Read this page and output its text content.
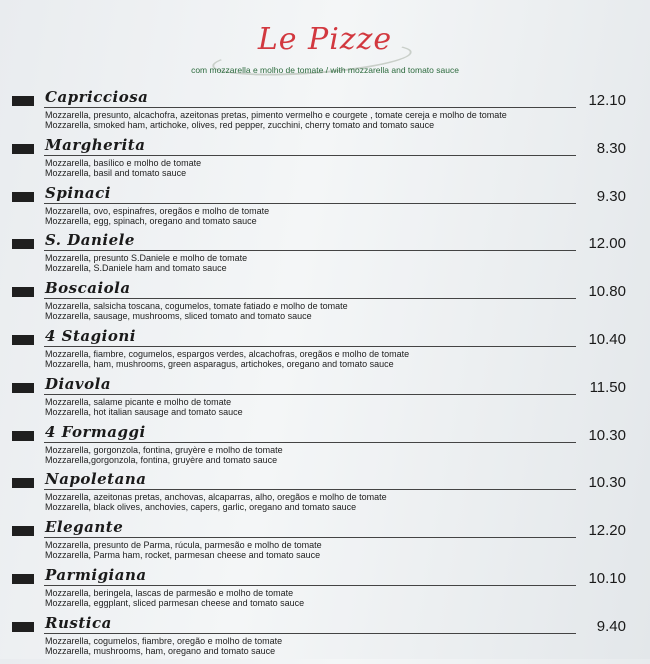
Le Pizze
com mozzarella e molho de tomate / with mozzarella and tomato sauce
Capricciosa	12.10
Mozzarella, presunto, alcachofra, azeitonas pretas, pimento vermelho e courgete , tomate cereja e molho de tomate
Mozzarella, smoked ham, artichoke, olives, red pepper, zucchini, cherry tomato and tomato sauce
Margherita	8.30
Mozzarella, basílico e molho de tomate
Mozzarella, basil and tomato sauce
Spinaci	9.30
Mozzarella, ovo, espinafres, oregãos e molho de tomate
Mozzarella, egg, spinach, oregano and tomato sauce
S. Daniele	12.00
Mozzarella, presunto S.Daniele e molho de tomate
Mozzarella, S.Daniele ham and tomato sauce
Boscaiola	10.80
Mozzarella, salsicha toscana, cogumelos, tomate fatiado e molho de tomate
Mozzarella, sausage, mushrooms, sliced tomato and tomato sauce
4 Stagioni	10.40
Mozzarella, fiambre, cogumelos, espargos verdes, alcachofras, oregãos e molho de tomate
Mozzarella, ham, mushrooms, green asparagus, artichokes, oregano and tomato sauce
Diavola	11.50
Mozzarella, salame picante e molho de tomate
Mozzarella, hot italian sausage and tomato sauce
4 Formaggi	10.30
Mozzarella, gorgonzola, fontina, gruyère e molho de tomate
Mozzarella,gorgonzola, fontina, gruyère and tomato sauce
Napoletana	10.30
Mozzarella, azeitonas pretas, anchovas, alcaparras, alho, oregãos e molho de tomate
Mozzarella, black olives, anchovies, capers, garlic, oregano and tomato sauce
Elegante	12.20
Mozzarella, presunto de Parma, rúcula, parmesão e molho de tomate
Mozzarella, Parma ham, rocket, parmesan cheese and tomato sauce
Parmigiana	10.10
Mozzarella, beringela, lascas de parmesão e molho de tomate
Mozzarella, eggplant, sliced parmesan cheese and tomato sauce
Rustica	9.40
Mozzarella, cogumelos, fiambre, oregão e molho de tomate
Mozzarella, mushrooms, ham, oregano and tomato sauce
